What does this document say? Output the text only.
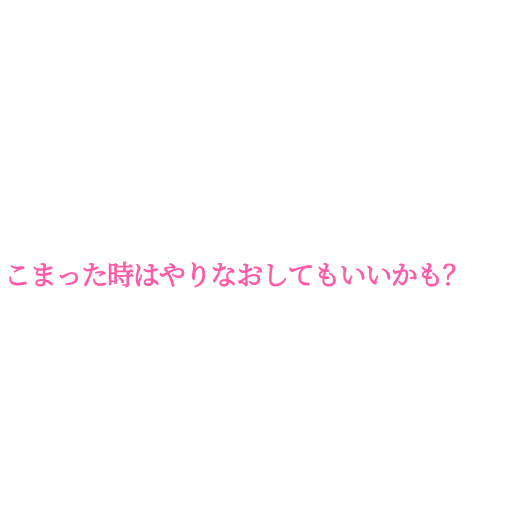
こまった時はやりなおしてもいいかも？
